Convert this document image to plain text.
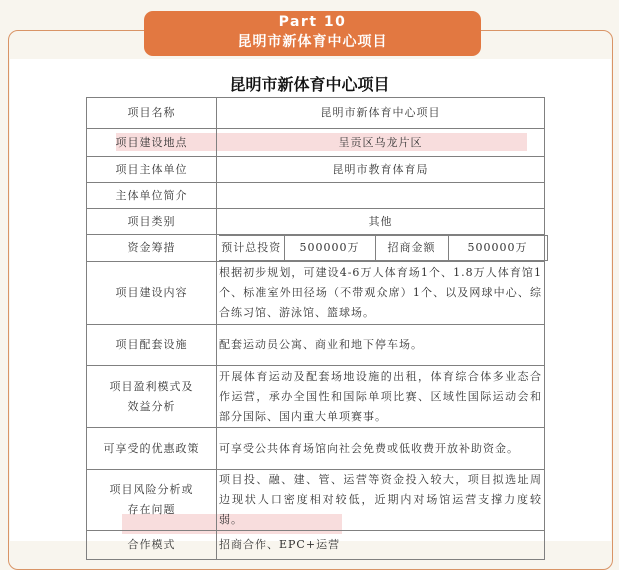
Part 10
昆明市新体育中心项目
昆明市新体育中心项目
项目名称	昆明市新体育中心项目
项目建设地点	呈贡区乌龙片区
项目主体单位	昆明市教育体育局
主体单位简介	
项目类别	其他
资金筹措		预计总投资	500000万	招商金额	500000万

项目建设内容	根据初步规划，可建设4-6万人体育场1个、1.8万人体育馆1个、标准室外田径场（不带观众席）1个、以及网球中心、综合练习馆、游泳馆、篮球场。
项目配套设施	配套运动员公寓、商业和地下停车场。

项目盈利模式及
效益分析
	开展体育运动及配套场地设施的出租，体育综合体多业态合作运营，承办全国性和国际单项比赛、区域性国际运动会和部分国际、国内重大单项赛事。
可享受的优惠政策	可享受公共体育场馆向社会免费或低收费开放补助资金。

项目风险分析或
存在问题
	项目投、融、建、管、运营等资金投入较大，项目拟选址周边现状人口密度相对较低，近期内对场馆运营支撑力度较弱。
合作模式	招商合作、EPC+运营
